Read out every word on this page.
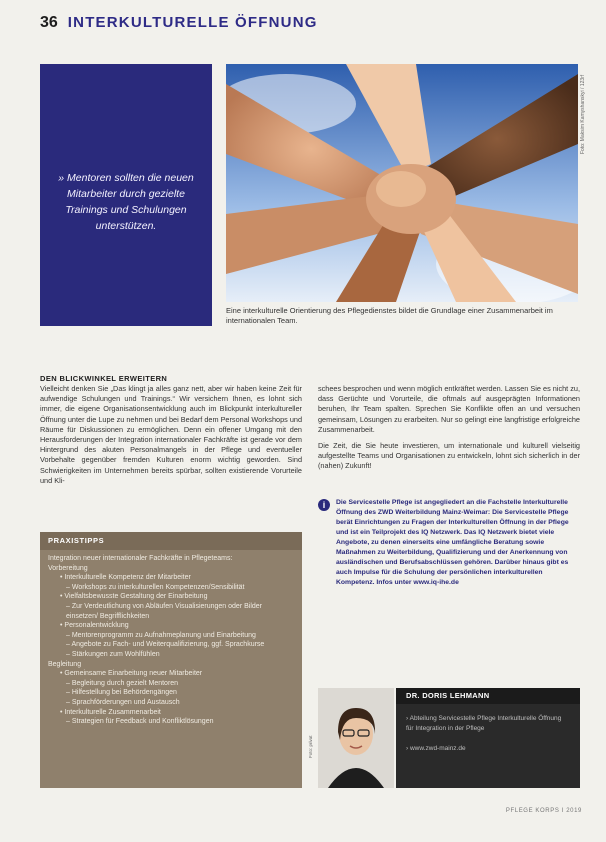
36 INTERKULTURELLE ÖFFNUNG
» Mentoren sollten die neuen Mitarbeiter durch gezielte Trainings und Schulungen unterstützen.
Foto: Maksim Kamyshanskyi / 123rf
Eine interkulturelle Orientierung des Pflegedienstes bildet die Grundlage einer Zusammenarbeit im internationalen Team.
DEN BLICKWINKEL ERWEITERN

Vielleicht denken Sie „Das klingt ja alles ganz nett, aber wir haben keine Zeit für aufwendige Schulungen und Trainings.“ Wir versichern Ihnen, es lohnt sich immer, die eigene Organisationsentwicklung auch im Blickpunkt interkultureller Öffnung unter die Lupe zu nehmen und bei Bedarf dem Personal Workshops und Räume für Diskussionen zu ermöglichen. Denn ein offener Umgang mit den Herausforderungen der Integration internationaler Fachkräfte ist gerade vor dem Hintergrund des akuten Personalmangels in der Pflege und eventueller Vorbehalte gegenüber fremden Kulturen enorm wichtig geworden. Sind Schwierigkeiten im Unternehmen bereits spürbar, sollten existierende Vorurteile und Kli-

schees besprochen und wenn möglich entkräftet werden. Lassen Sie es nicht zu, dass Gerüchte und Vorurteile, die oftmals auf ausgeprägten Informationen beruhen, Ihr Team spalten. Sprechen Sie Konflikte offen an und versuchen gemeinsam, Lösungen zu erarbeiten. Nur so gelingt eine langfristige erfolgreiche Zusammenarbeit.

Die Zeit, die Sie heute investieren, um internationale und kulturell vielseitig aufgestellte Teams und Organisationen zu entwickeln, lohnt sich sicherlich in der (nahen) Zukunft!

i	Die Servicestelle Pflege ist angegliedert an die Fachstelle Interkulturelle Öffnung des ZWD Weiterbildung Mainz-Weimar: Die Servicestelle Pflege berät Einrichtungen zu Fragen der Interkulturellen Öffnung in der Pflege und ist ein Teilprojekt des IQ Netzwerk. Das IQ Netzwerk bietet viele Angebote, zu denen einerseits eine umfängliche Beratung sowie Maßnahmen zu Weiterbildung, Qualifizierung und der Anerkennung von ausländischen und Berufsabschlüssen gehören. Darüber hinaus gibt es auch Impulse für die Schulung der persönlichen interkulturellen Kompetenz. Infos unter www.iq-ihe.de
PRAXISTIPPS
Integration neuer internationaler Fachkräfte in Pflegeteams:
Vorbereitung
• Interkulturelle Kompetenz der Mitarbeiter
– Workshops zu interkulturellen Kompetenzen/Sensibilität
• Vielfaltsbewusste Gestaltung der Einarbeitung
– Zur Verdeutlichung von Abläufen Visualisierungen oder Bilder einsetzen/ Begrifflichkeiten
• Personalentwicklung
– Mentorenprogramm zu Aufnahmeplanung und Einarbeitung
– Angebote zu Fach- und Weiterqualifizierung, ggf. Sprachkurse
– Stärkungen zum Wohlfühlen
Begleitung
• Gemeinsame Einarbeitung neuer Mitarbeiter
– Begleitung durch gezielt Mentoren
– Hilfestellung bei Behördengängen
– Sprachförderungen und Austausch
• Interkulturelle Zusammenarbeit
– Strategien für Feedback und Konfliktlösungen
Foto: privat
DR. DORIS LEHMANN
› Abteilung Servicestelle Pflege Interkulturelle Öffnung
für Integration in der Pflege
› www.zwd-mainz.de
PFLEGE KORPS I 2019
